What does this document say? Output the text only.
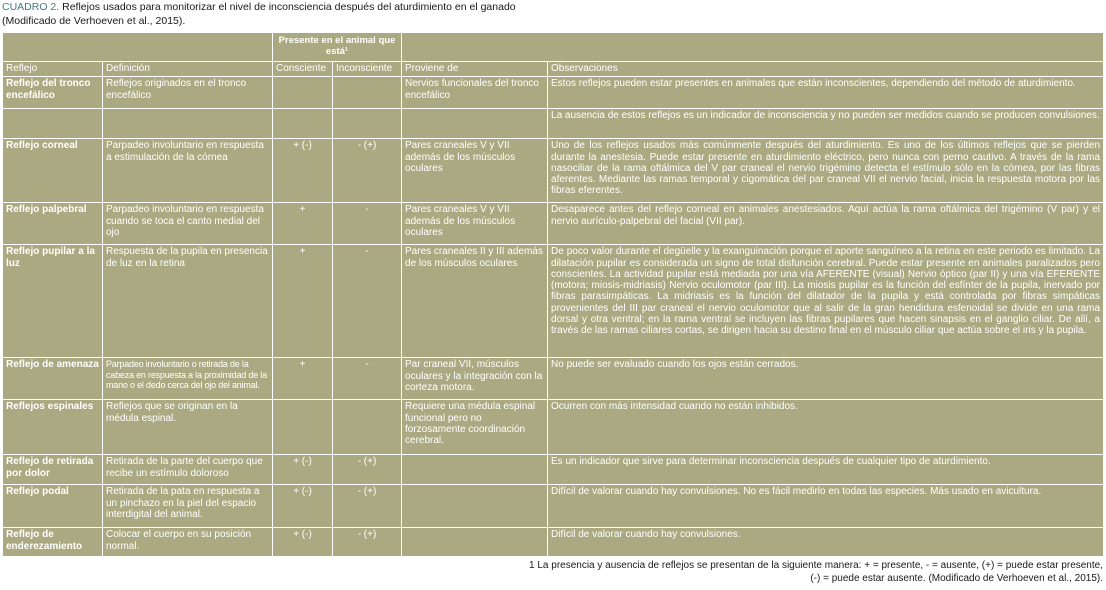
CUADRO 2. Reflejos usados para monitorizar el nivel de inconsciencia después del aturdimiento en el ganado
(Modificado de Verhoeven et al., 2015).
		Presente en el animal que está¹			
Reflejo	Definición	Consciente	Inconsciente	Proviene de	Observaciones
Reflejo del tronco encefálico	Reflejos originados en el tronco encefálico			Nervios funcionales del tronco encefálico	Estos reflejos pueden estar presentes en animales que están inconscientes, dependiendo del método de aturdimiento.
					La ausencia de estos reflejos es un indicador de inconsciencia y no pueden ser medidos cuando se producen convulsiones.
Reflejo corneal	Parpadeo involuntario en respuesta a estimulación de la córnea	+ (-)	- (+)	Pares craneales V y VII además de los músculos oculares	Uno de los reflejos usados más comúnmente después del aturdimiento. Es uno de los últimos reflejos que se pierden durante la anestesia. Puede estar presente en aturdimiento eléctrico, pero nunca con perno cautivo. A través de la rama nasociliar de la rama oftálmica del V par craneal el nervio trigémino detecta el estímulo sólo en la córnea, por las fibras aferentes. Mediante las ramas temporal y cigomática del par craneal VII el nervio facial, inicia la respuesta motora por las fibras eferentes.
Reflejo palpebral	Parpadeo involuntario en respuesta cuando se toca el canto medial del ojo	+	-	Pares craneales V y VII además de los músculos oculares	Desaparece antes del reflejo corneal en animales anestesiados. Aquí actúa la rama oftálmica del trigémino (V par) y el nervio aurículo-palpebral del facial (VII par).
Reflejo pupilar a la luz	Respuesta de la pupila en presencia de luz en la retina	+	-	Pares craneales II y III además de los músculos oculares	De poco valor durante el degüelle y la exanguinación porque el aporte sanguíneo a la retina en este periodo es limitado. La dilatación pupilar es considerada un signo de total disfunción cerebral. Puede estar presente en animales paralizados pero conscientes. La actividad pupilar está mediada por una vía AFERENTE (visual) Nervio óptico (par II) y una vía EFERENTE (motora; miosis-midriasis) Nervio oculomotor (par III). La miosis pupilar es la función del esfínter de la pupila, inervado por fibras parasimpáticas. La midriasis es la función del dilatador de la pupila y está controlada por fibras simpáticas provenientes del III par craneal el nervio oculomotor que al salir de la gran hendidura esfenoidal se divide en una rama dorsal y otra ventral; en la rama ventral se incluyen las fibras pupilares que hacen sinapsis en el ganglio ciliar. De allí, a través de las ramas ciliares cortas, se dirigen hacia su destino final en el músculo ciliar que actúa sobre el iris y la pupila.
Reflejo de amenaza	Parpadeo involuntario o retirada de la cabeza en respuesta a la proximidad de la mano o el dedo cerca del ojo del animal.	+	-	Par craneal VII, músculos oculares y la integración con la corteza motora.	No puede ser evaluado cuando los ojos están cerrados.
Reflejos espinales	Reflejos que se originan en la médula espinal.			Requiere una médula espinal funcional pero no forzosamente coordinación cerebral.	Ocurren con más intensidad cuando no están inhibidos.
Reflejo de retirada por dolor	Retirada de la parte del cuerpo que recibe un estímulo doloroso	+ (-)	- (+)		Es un indicador que sirve para determinar inconsciencia después de cualquier tipo de aturdimiento.
Reflejo podal	Retirada de la pata en respuesta a un pinchazo en la piel del espacio interdigital del animal.	+ (-)	- (+)		Difícil de valorar cuando hay convulsiones. No es fácil medirlo en todas las especies. Más usado en avicultura.
Reflejo de enderezamiento	Colocar el cuerpo en su posición normal.	+ (-)	- (+)		Difícil de valorar cuando hay convulsiones.
1 La presencia y ausencia de reflejos se presentan de la siguiente manera: + = presente, - = ausente, (+) = puede estar presente,
(-) = puede estar ausente. (Modificado de Verhoeven et al., 2015).
